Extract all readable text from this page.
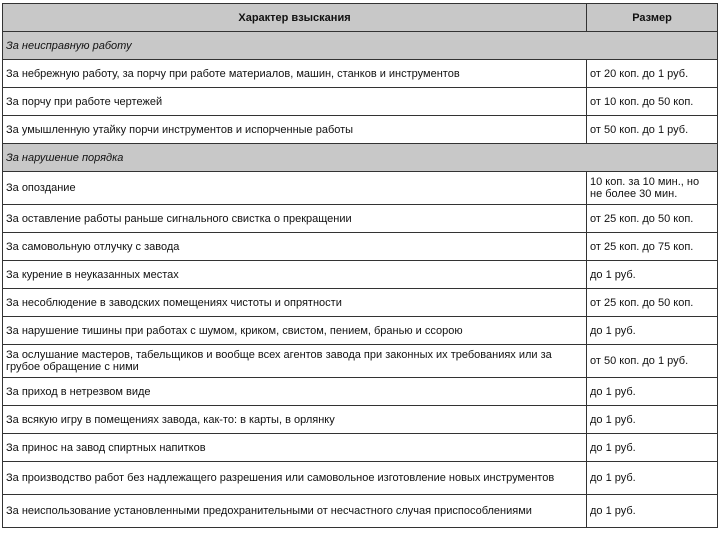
Характер взыскания	Размер
За неисправную работу	
За небрежную работу, за порчу при работе материалов, машин, станков и инструментов	от 20 коп. до 1 руб.
За порчу при работе чертежей	от 10 коп. до 50 коп.
За умышленную утайку порчи инструментов и испорченные работы	от 50 коп. до 1 руб.
За нарушение порядка	
За опоздание	10 коп. за 10 мин., но не более 30 мин.
За оставление работы раньше сигнального свистка о прекращении	от 25 коп. до 50 коп.
За самовольную отлучку с завода	от 25 коп. до 75 коп.
За курение в неуказанных местах	до 1 руб.
За несоблюдение в заводских помещениях чистоты и опрятности	от 25 коп. до 50 коп.
За нарушение тишины при работах с шумом, криком, свистом, пением, бранью и ссорою	до 1 руб.
За ослушание мастеров, табельщиков и вообще всех агентов завода при законных их требованиях или за грубое обращение с ними	от 50 коп. до 1 руб.
За приход в нетрезвом виде	до 1 руб.
За всякую игру в помещениях завода, как-то: в карты, в орлянку	до 1 руб.
За принос на завод спиртных напитков	до 1 руб.
За производство работ без надлежащего разрешения или самовольное изготовление новых инструментов	до 1 руб.
За неиспользование установленными предохранительными от несчастного случая приспособлениями	до 1 руб.
